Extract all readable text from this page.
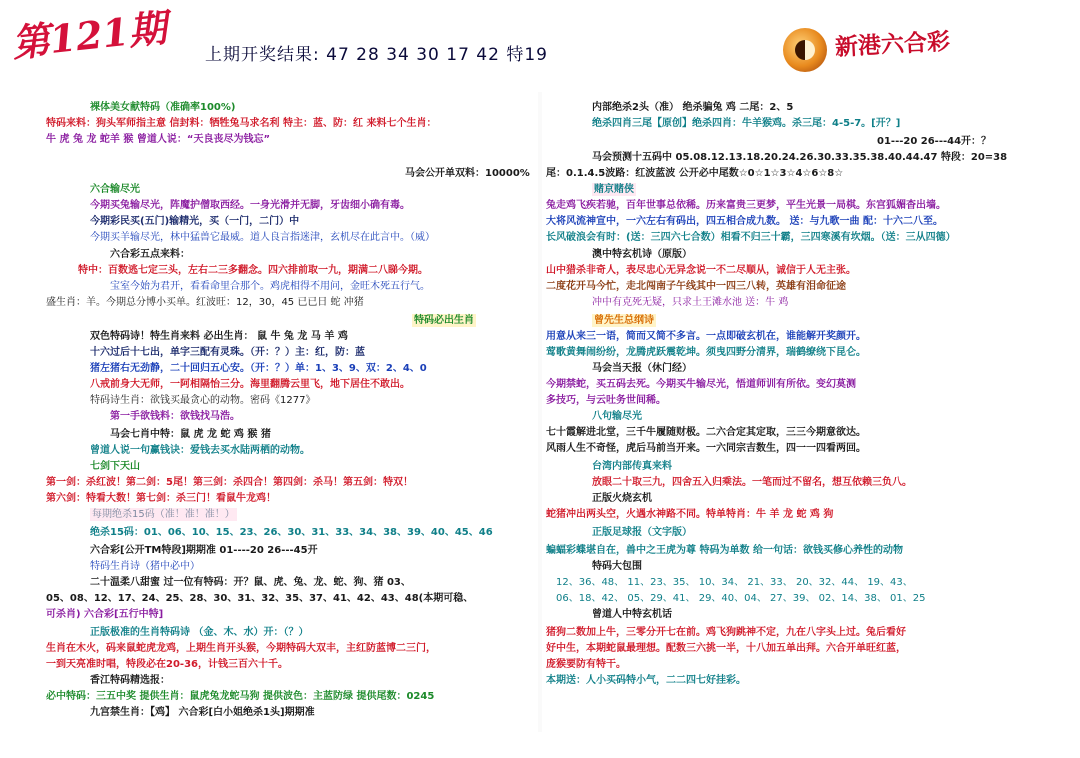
第121期 上期开奖结果: 47 28 34 30 17 42 特19	新港六合彩
裸体美女献特码（准确率100%)
特码来料：狗头军师指主意 信封料：牺牲兔马求名利 特主：蓝、防：红 来料七个生肖：
牛 虎 兔 龙 蛇羊 猴 曾道人说：“天良丧尽为钱忘”
马会公开单双料：10000%
六合输尽光
今期买兔输尽光，阵魔护僧取西经。一身光滑并无脚，牙齿细小确有毒。
今期彩民买(五门)输精光，买（一门，二门）中
今期买羊输尽光，林中猛兽它最威。道人良言指迷津，玄机尽在此言中。（威）
六合彩五点来料：
特中：百数逃七定三头，左右二三多翻念。四六排前取一九，期满二八睇今期。
宝室今始为君开，看看命里合那个。鸡虎相得不用问，金旺木死五行气。
盛生肖：羊。今期总分博小买单。红波旺：12，30，45 已已日 蛇 冲猪
特码必出生肖
双色特码诗！特生肖来料 必出生肖： 鼠 牛 兔 龙 马 羊 鸡
十六过后十七出，单字三配有灵珠。（开：？）主：红，防：蓝
猪左猪右无劲静，二十回归五心安。（开：？）单：1、3、9、双：2、4、0
八戒前身大无师，一阿相隔怡三分。海里翻腾云里飞，地下居住不敢出。
特码诗生肖：欲钱买最贪心的动物。密码《1277》
第一手欲钱料：欲钱找马浩。
马会七肖中特：鼠 虎 龙 蛇 鸡 猴 猪
曾道人说一句赢钱诀：爱钱去买水陆两栖的动物。
七剑下天山
第一剑：杀红波！第二剑：5尾！第三剑：杀四合！第四剑：杀马！第五剑：特双！
第六剑：特看大数！第七剑：杀三门！看鼠牛龙鸡！
每期绝杀15码（准！准！准！）
绝杀15码：01、06、10、15、23、26、30、31、33、34、38、39、40、45、46
六合彩[公开TM特段]期期准 01----20 26---45开
特码生肖诗（猪中必中）
二十温柔八甜蜜 过一位有特码：开？鼠、虎、兔、龙、蛇、狗、猪 03、
05、08、12、17、24、25、28、30、31、32、35、37、41、42、43、48(本期可稳、
可杀肖) 六合彩[五行中特]
正版极准的生肖特码诗 （金、木、水）开：（？）
生肖在木火，码来鼠蛇虎龙鸡，上期生肖开头猴，今期特码大双丰，主红防蓝博二三门，
一到天亮准时唱，特段必在20-36，计钱三百六十千。
香江特码精选报：
必中特码：三五中奖 提供生肖：鼠虎兔龙蛇马狗 提供波色：主蓝防绿 提供尾数：0245
九宫禁生肖：【鸡】 六合彩[白小姐绝杀1头]期期准
内部绝杀2头（准） 绝杀骗兔 鸡 二尾：2、5
绝杀四肖三尾【原创】绝杀四肖：牛羊猴鸡。杀三尾：4-5-7。[开？]
01---20 26---44开：？
马会预测十五码中 05.08.12.13.18.20.24.26.30.33.35.38.40.44.47 特段：20=38
尾：0.1.4.5波路：红波蓝波 公开必中尾数☆0☆1☆3☆4☆6☆8☆
赌京赌侠
兔走鸡飞疾若驰，百年世事总依稀。历来富贵三更梦，平生光景一局棋。东宫狐媚杳出墙。
大将风流神宣中，一六左右有码出，四五相合成九数。 送：与九歌一曲 配：十六二八至。
长风破浪会有时：(送：三四六七合数）相看不归三十霸，三四寒溪有坎烟。（送：三从四德）
澳中特玄机诗（原版）
山中猎杀非奇人，表尽忠心无异念说一不二尽顺从，诚信于人无主张。
二度花开马今忙，走北闯南子午线其中一四三八转，英雄有泪命征途
冲中有克死无疑，只求土王滩水池 送：牛 鸡
曾先生总纲诗
用意从来三一语，简而又简不多言。一点即破玄机在，谁能解开奖颜开。
莺歌黄舞闹纷纷，龙腾虎跃震乾坤。须曳四野分清界，瑞鹤缭绕下昆仑。
马会当天报（休门经）
今期禁蛇，买五码去死。今期买牛输尽光，悟道师训有所依。变幻莫测
多技巧，与云吐务世间稀。
八句输尽光
七十霞解进北堂，三千牛履随财极。二六合定其定取，三三今期意欲达。
风雨人生不奇怪，虎后马前当开来。一六同宗吉数生，四一一四看两回。
台湾内部传真来料
放眼二十取三九，四舍五入归乘法。一笔而过不留名，想互依赖三负八。
正版火烧玄机
蛇猪冲出两头空，火遇水神路不同。特单特肖：牛 羊 龙 蛇 鸡 狗
正版足球报（文字版）
蝙蝠彩蝶堪自在，兽中之王虎为尊 特码为单数 给一句话：欲钱买修心养性的动物
特码大包围
12、36、48、 11、23、35、 10、34、 21、33、 20、32、44、 19、43、
06、18、42、 05、29、41、 29、40、04、 27、39、 02、14、38、 01、25
曾道人中特玄机话
猪狗二数加上牛，三零分开七在前。鸡飞狗跳神不定，九在八字头上过。兔后看好
好中生，本期蛇鼠最理想。配数三六挑一半，十八加五单出拜。六合开单旺红蓝，
庞猴要防有特干。
本期送：人小买码特小气，二二四七好挂彩。
